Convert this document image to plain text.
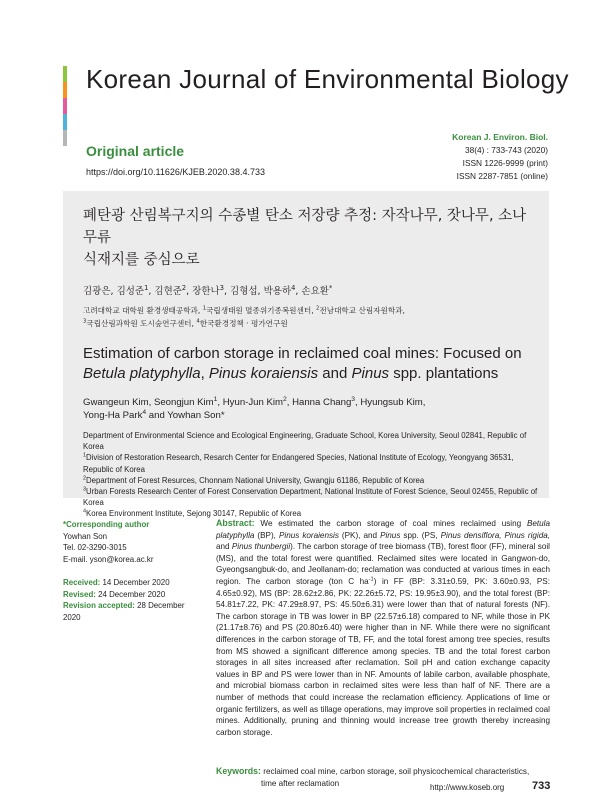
Korean Journal of Environmental Biology
Original article
https://doi.org/10.11626/KJEB.2020.38.4.733
Korean J. Environ. Biol.
38(4) : 733-743 (2020)
ISSN 1226-9999 (print)
ISSN 2287-7851 (online)
폐탄광 산림복구지의 수종별 탄소 저장량 추정: 자작나무, 잣나무, 소나무류
식재지를 중심으로
김광은, 김성준$^1$, 김현준$^2$, 장한나$^3$, 김형섭, 박용하$^4$, 손요환*
고려대학교 대학원 환경생태공학과, $^1$국립생태원 멸종위기종복원센터, $^2$전남대학교 산림자원학과,
$^3$국립산림과학원 도시숲연구센터, $^4$한국환경정책 · 평가연구원
Estimation of carbon storage in reclaimed coal mines: Focused on
Betula platyphylla, Pinus koraiensis and Pinus spp. plantations
Gwangeun Kim, Seongjun Kim$^1$, Hyun-Jun Kim$^2$, Hanna Chang$^3$, Hyungsub Kim,
Yong-Ha Park$^4$ and Yowhan Son*
Department of Environmental Science and Ecological Engineering, Graduate School, Korea University, Seoul 02841, Republic of Korea
$^1$Division of Restoration Research, Resarch Center for Endangered Species, National Institute of Ecology, Yeongyang 36531, Republic of Korea
$^2$Department of Forest Resurces, Chonnam National University, Gwangju 61186, Republic of Korea
$^3$Urban Forests Research Center of Forest Conservation Department, National Institute of Forest Science, Seoul 02455, Republic of Korea
$^4$Korea Environment Institute, Sejong 30147, Republic of Korea
*Corresponding author
Yowhan Son
Tel. 02-3290-3015
E-mail. yson@korea.ac.kr
Received: 14 December 2020
Revised: 24 December 2020
Revision accepted: 28 December 2020
Abstract: We estimated the carbon storage of coal mines reclaimed using Betula platyphylla (BP), Pinus koraiensis (PK), and Pinus spp. (PS, Pinus densiflora, Pinus rigida, and Pinus thunbergii). The carbon storage of tree biomass (TB), forest floor (FF), mineral soil (MS), and the total forest were quantified. Reclaimed sites were located in Gangwon-do, Gyeongsangbuk-do, and Jeollanam-do; reclamation was conducted at various times in each region. The carbon storage (ton C $ha^{-1}$) in FF (BP: 3.31±0.59, PK: 3.60±0.93, PS: 4.65±0.92), MS (BP: 28.62±2.86, PK: 22.26±5.72, PS: 19.95±3.90), and the total forest (BP: 54.81±7.22, PK: 47.29±8.97, PS: 45.50±6.31) were lower than that of natural forests (NF). The carbon storage in TB was lower in BP (22.57±6.18) compared to NF, while those in PK (21.17±8.76) and PS (20.80±6.40) were higher than in NF. While there were no significant differences in the carbon storage of TB, FF, and the total forest among tree species, results from MS showed a significant difference among species. TB and the total forest carbon storages in all sites increased after reclamation. Soil pH and cation exchange capacity values in BP and PS were lower than in NF. Amounts of labile carbon, available phosphate, and microbial biomass carbon in reclaimed sites were less than half of NF. There are a number of methods that could increase the reclamation efficiency. Applications of lime or organic fertilizers, as well as tillage operations, may improve soil properties in reclaimed coal mines. Additionally, pruning and thinning would increase tree growth thereby increasing carbon storage.
Keywords: reclaimed coal mine, carbon storage, soil physicochemical characteristics,
time after reclamation	http://www.koseb.org	733
